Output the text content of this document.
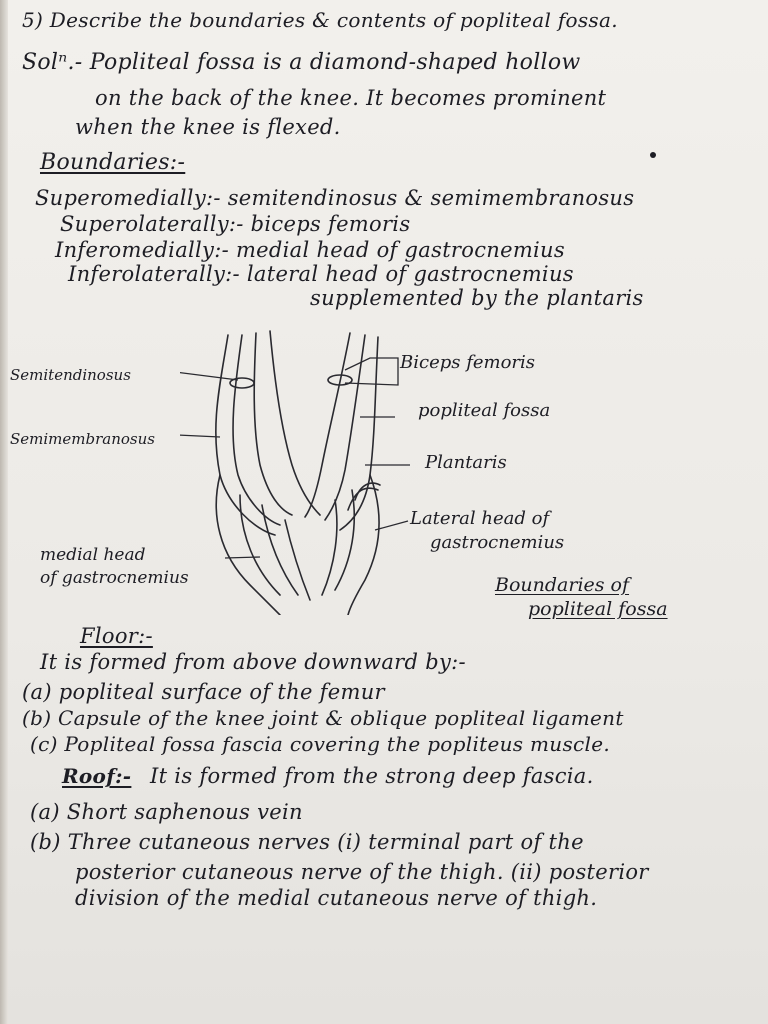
5) Describe the boundaries & contents of popliteal fossa.
Solⁿ.- Popliteal fossa is a diamond-shaped hollow
on the back of the knee. It becomes prominent
when the knee is flexed.
Boundaries:-
Superomedially:- semitendinosus & semimembranosus
Superolaterally:- biceps femoris
Inferomedially:- medial head of gastrocnemius
Inferolaterally:- lateral head of gastrocnemius
supplemented by the plantaris
Semitendinosus
Semimembranosus
medial head
of gastrocnemius
Biceps femoris
popliteal fossa
Plantaris
Lateral head of
gastrocnemius
Boundaries of
popliteal fossa
Floor:-
It is formed from above downward by:-
(a) popliteal surface of the femur
(b) Capsule of the knee joint & oblique popliteal ligament
(c) Popliteal fossa fascia covering the popliteus muscle.
Roof:- It is formed from the strong deep fascia.
(a) Short saphenous vein
(b) Three cutaneous nerves (i) terminal part of the
posterior cutaneous nerve of the thigh. (ii) posterior
division of the medial cutaneous nerve of thigh.
